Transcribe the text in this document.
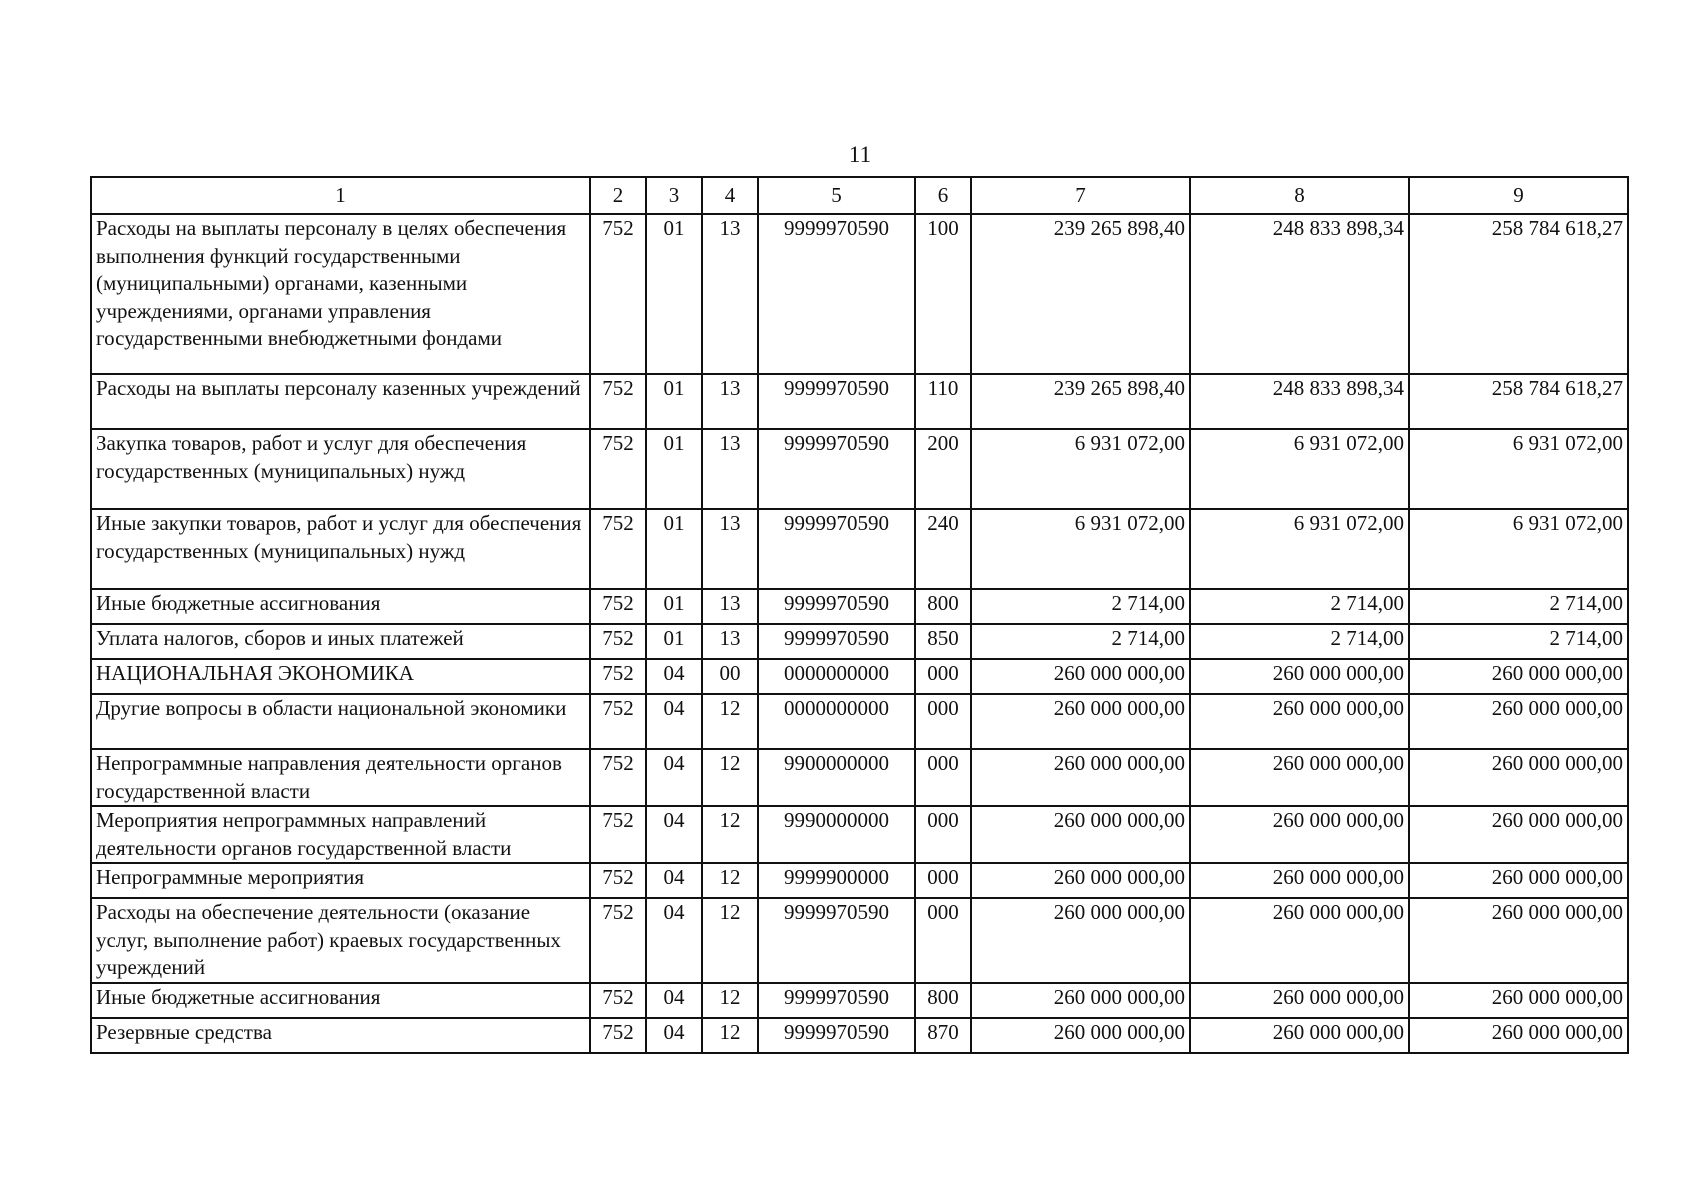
11
1	2	3	4	5	6	7	8	9
Расходы на выплаты персоналу в целях обеспечения выполнения функций государственными (муниципальными) органами, казенными учреждениями, органами управления государственными внебюджетными фондами	752	01	13	9999970590	100	239 265 898,40	248 833 898,34	258 784 618,27
Расходы на выплаты персоналу казенных учреждений	752	01	13	9999970590	110	239 265 898,40	248 833 898,34	258 784 618,27
Закупка товаров, работ и услуг для обеспечения государственных (муниципальных) нужд	752	01	13	9999970590	200	6 931 072,00	6 931 072,00	6 931 072,00
Иные закупки товаров, работ и услуг для обеспечения государственных (муниципальных) нужд	752	01	13	9999970590	240	6 931 072,00	6 931 072,00	6 931 072,00
Иные бюджетные ассигнования	752	01	13	9999970590	800	2 714,00	2 714,00	2 714,00
Уплата налогов, сборов и иных платежей	752	01	13	9999970590	850	2 714,00	2 714,00	2 714,00
НАЦИОНАЛЬНАЯ ЭКОНОМИКА	752	04	00	0000000000	000	260 000 000,00	260 000 000,00	260 000 000,00
Другие вопросы в области национальной экономики	752	04	12	0000000000	000	260 000 000,00	260 000 000,00	260 000 000,00
Непрограммные направления деятельности органов государственной власти	752	04	12	9900000000	000	260 000 000,00	260 000 000,00	260 000 000,00
Мероприятия непрограммных направлений деятельности органов государственной власти	752	04	12	9990000000	000	260 000 000,00	260 000 000,00	260 000 000,00
Непрограммные мероприятия	752	04	12	9999900000	000	260 000 000,00	260 000 000,00	260 000 000,00
Расходы на обеспечение деятельности (оказание услуг, выполнение работ) краевых государственных учреждений	752	04	12	9999970590	000	260 000 000,00	260 000 000,00	260 000 000,00
Иные бюджетные ассигнования	752	04	12	9999970590	800	260 000 000,00	260 000 000,00	260 000 000,00
Резервные средства	752	04	12	9999970590	870	260 000 000,00	260 000 000,00	260 000 000,00
